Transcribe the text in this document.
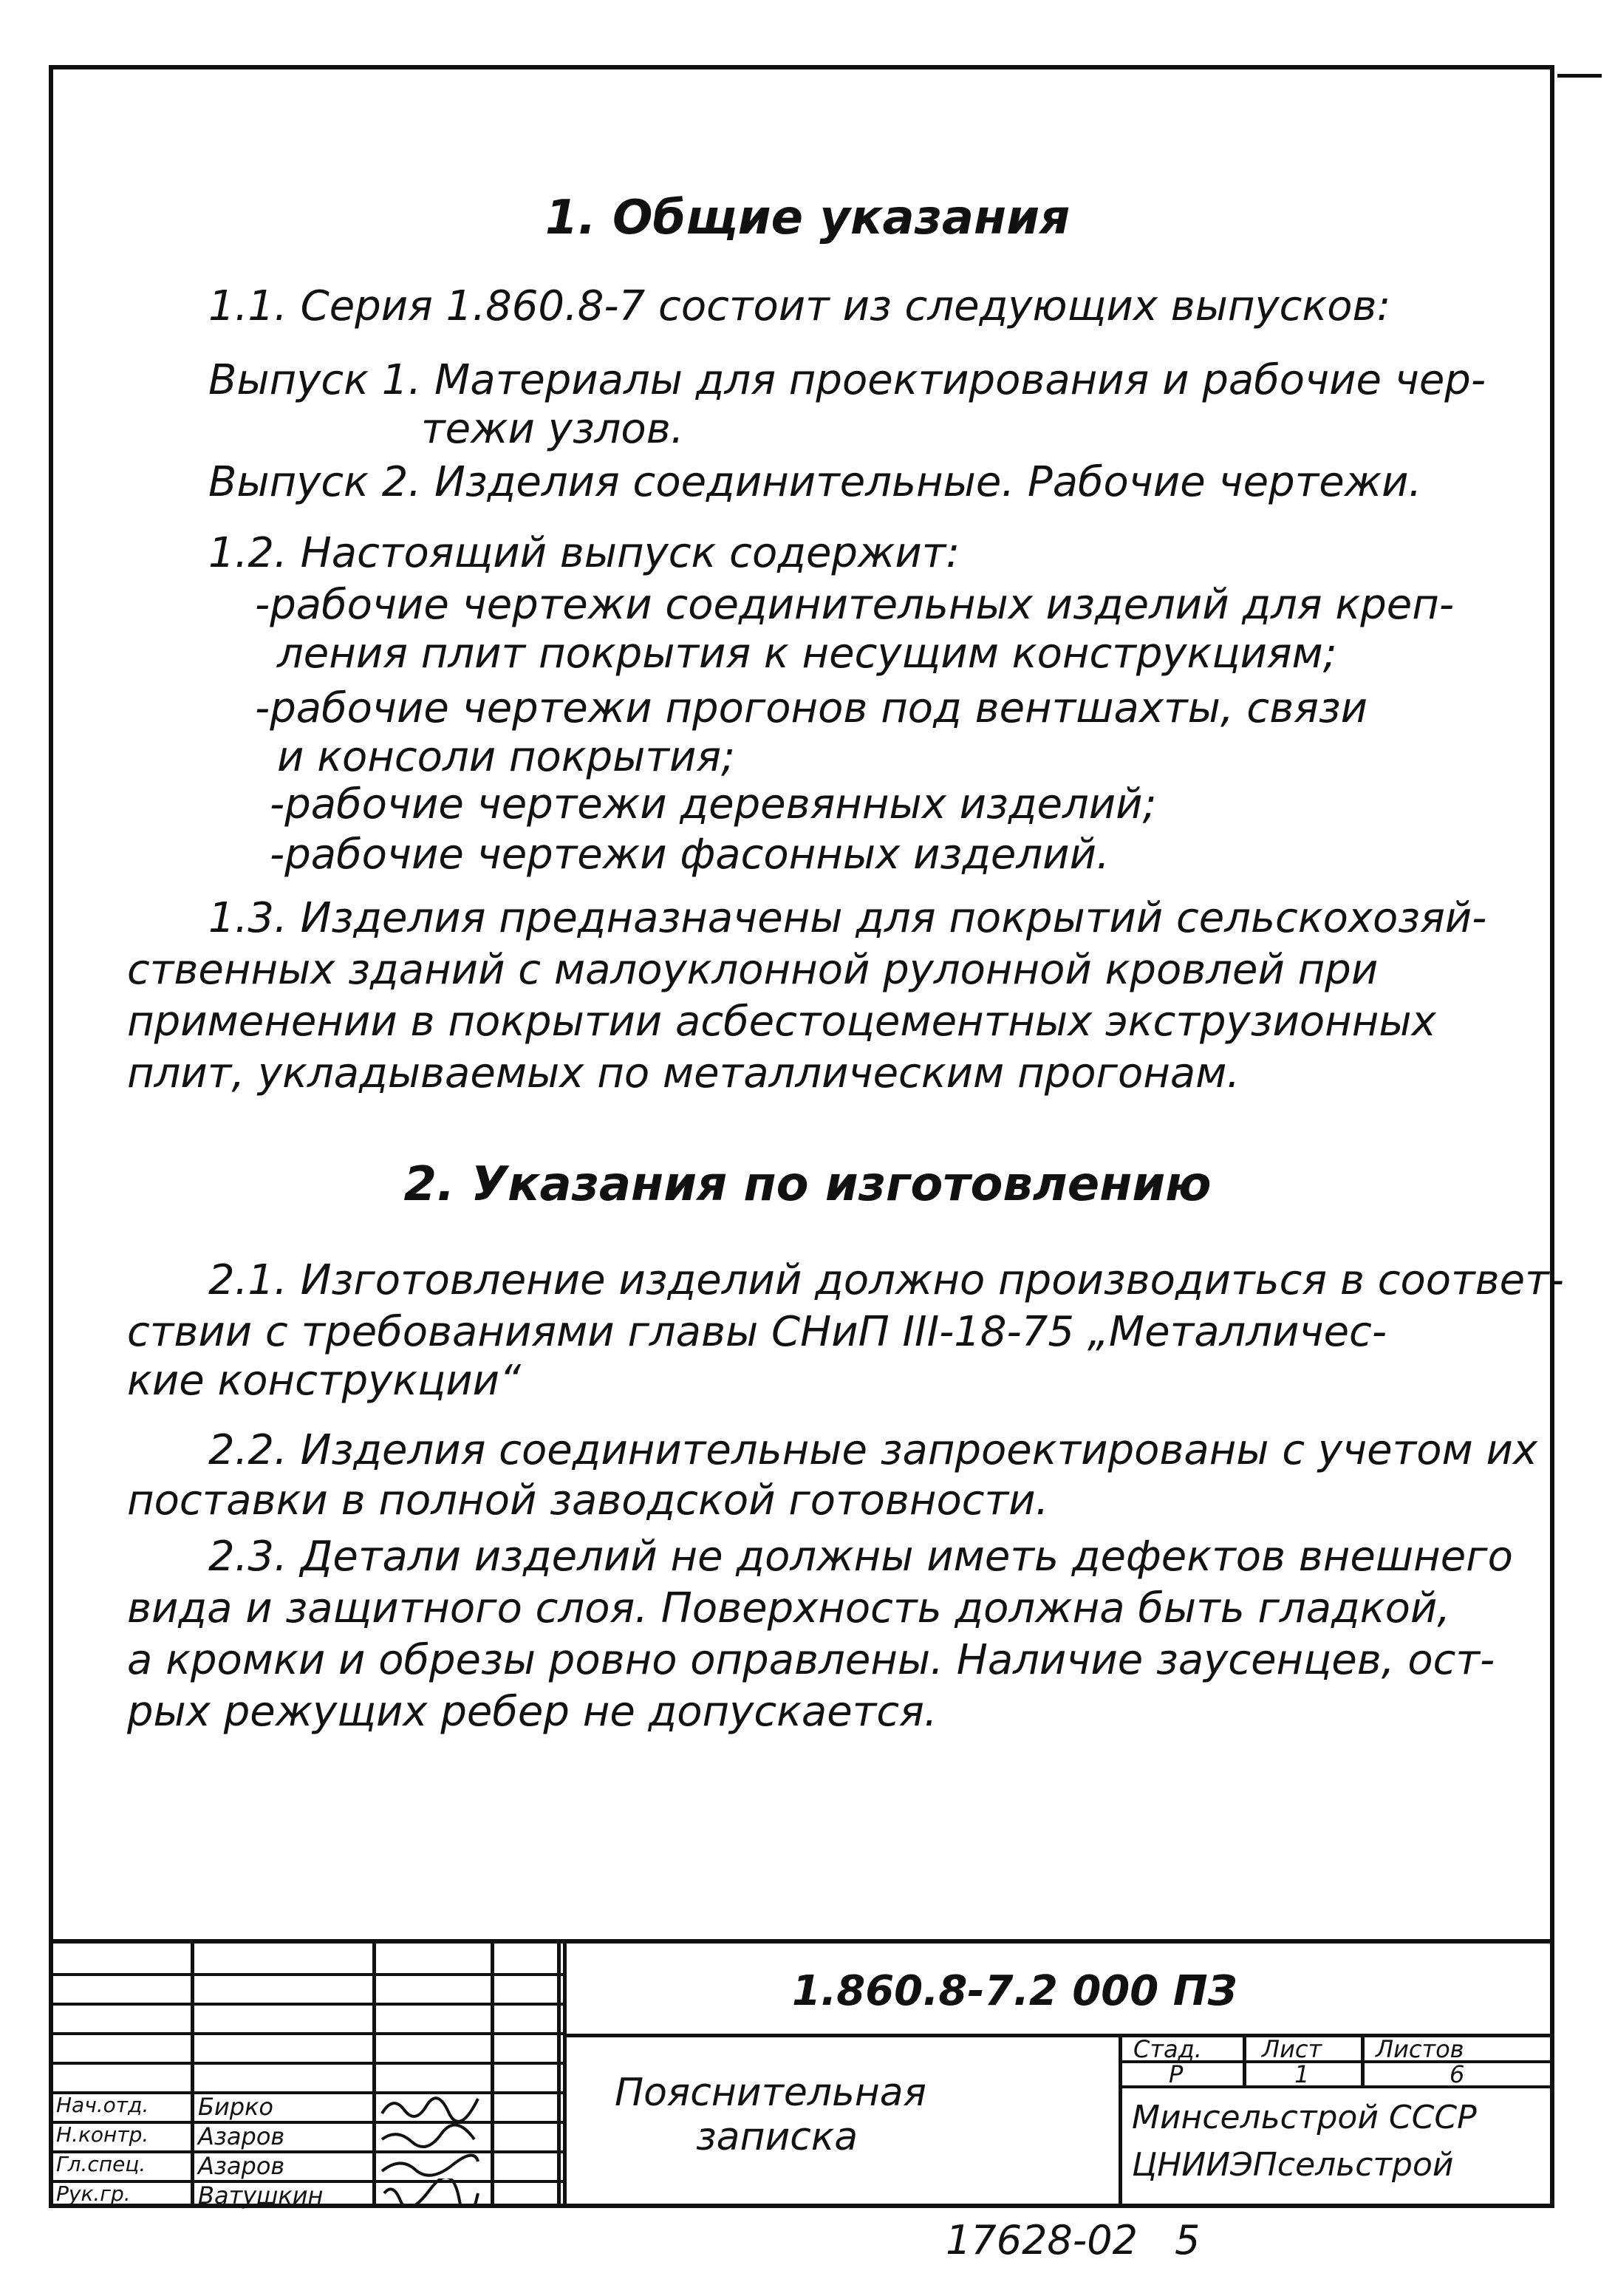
1. Общие указания
1.1. Серия 1.860.8-7 состоит из следующих выпусков:
Выпуск 1. Материалы для проектирования и рабочие чер-
тежи узлов.
Выпуск 2. Изделия соединительные. Рабочие чертежи.
1.2. Настоящий выпуск содержит:
-рабочие чертежи соединительных изделий для креп-
ления плит покрытия к несущим конструкциям;
-рабочие чертежи прогонов под вентшахты, связи
и консоли покрытия;
-рабочие чертежи деревянных изделий;
-рабочие чертежи фасонных изделий.
1.3. Изделия предназначены для покрытий сельскохозяй-
ственных зданий с малоуклонной рулонной кровлей при
применении в покрытии асбестоцементных экструзионных
плит, укладываемых по металлическим прогонам.
2. Указания по изготовлению
2.1. Изготовление изделий должно производиться в соответ-
ствии с требованиями главы СНиП III-18-75 „Металличес-
кие конструкции“
2.2. Изделия соединительные запроектированы с учетом их
поставки в полной заводской готовности.
2.3. Детали изделий не должны иметь дефектов внешнего
вида и защитного слоя. Поверхность должна быть гладкой,
а кромки и обрезы ровно оправлены. Наличие заусенцев, ост-
рых режущих ребер не допускается.
1.860.8-7.2 000 ПЗ
Пояснительная
записка
Стад.	Лист Листов
Р	1	6
Минсельстрой СССР
ЦНИИЭПсельстрой
Нач.отд. Бирко
Н.контр. Азаров
Гл.спец. Азаров
Рук.гр.	Ватушкин
17628-02 5
